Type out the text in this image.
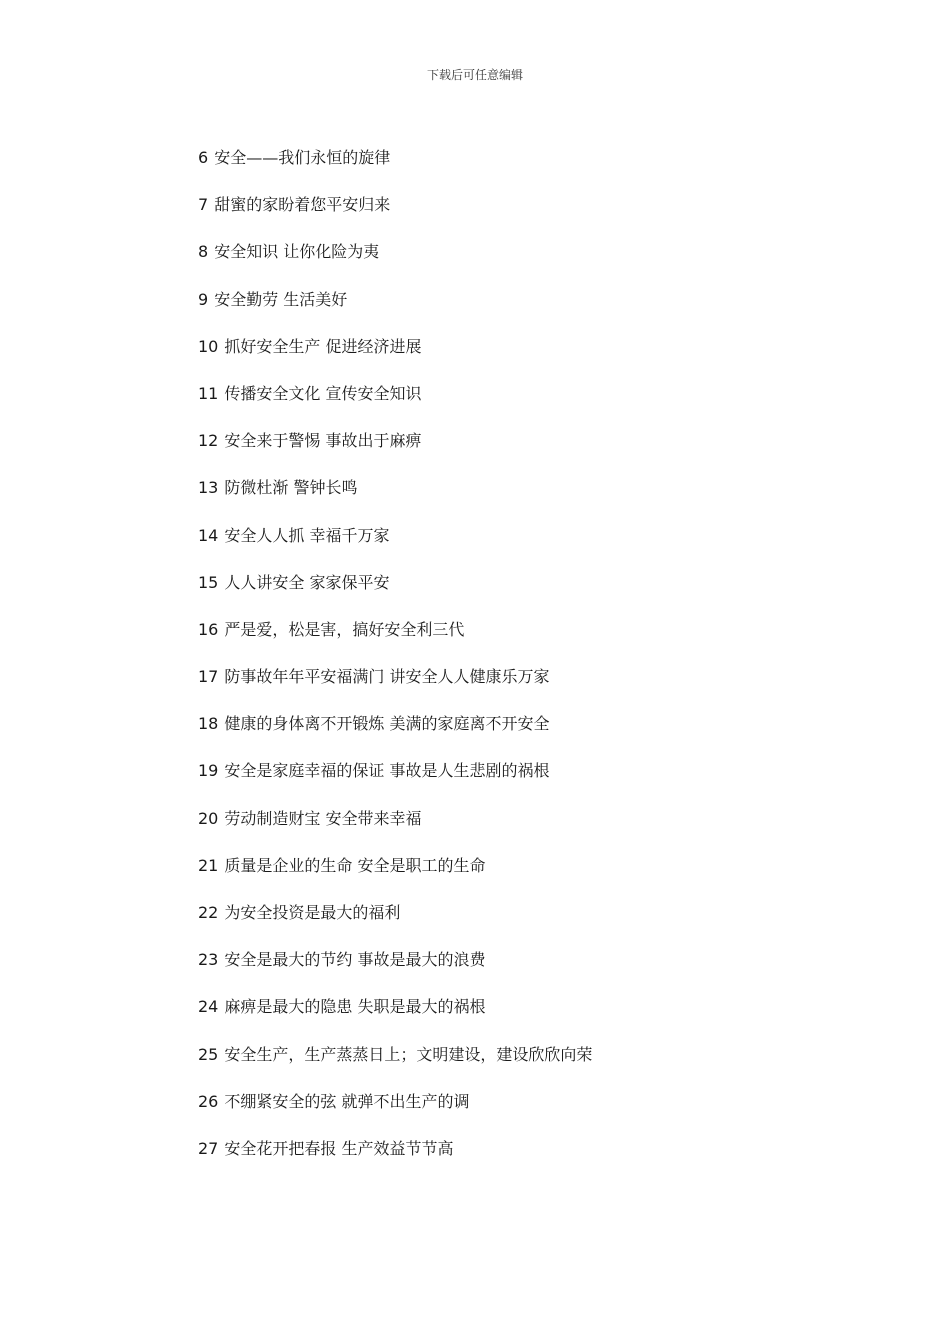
下载后可任意编辑
6 安全——我们永恒的旋律
7 甜蜜的家盼着您平安归来
8 安全知识 让你化险为夷
9 安全勤劳 生活美好
10 抓好安全生产 促进经济进展
11 传播安全文化 宣传安全知识
12 安全来于警惕 事故出于麻痹
13 防微杜渐 警钟长鸣
14 安全人人抓 幸福千万家
15 人人讲安全 家家保平安
16 严是爱，松是害，搞好安全利三代
17 防事故年年平安福满门 讲安全人人健康乐万家
18 健康的身体离不开锻炼 美满的家庭离不开安全
19 安全是家庭幸福的保证 事故是人生悲剧的祸根
20 劳动制造财宝 安全带来幸福
21 质量是企业的生命 安全是职工的生命
22 为安全投资是最大的福利
23 安全是最大的节约 事故是最大的浪费
24 麻痹是最大的隐患 失职是最大的祸根
25 安全生产，生产蒸蒸日上；文明建设，建设欣欣向荣
26 不绷紧安全的弦 就弹不出生产的调
27 安全花开把春报 生产效益节节高
